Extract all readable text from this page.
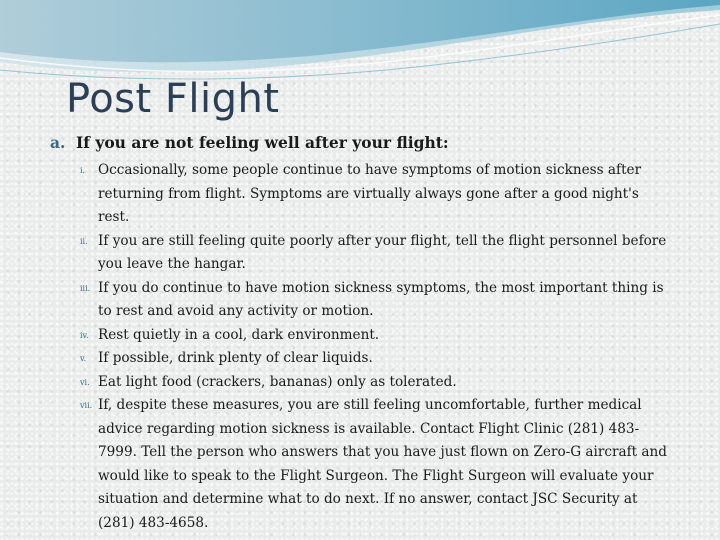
Post Flight
a. If you are not feeling well after your flight:
i. Occasionally, some people continue to have symptoms of motion sickness after returning from flight. Symptoms are virtually always gone after a good night's rest.
ii. If you are still feeling quite poorly after your flight, tell the flight personnel before you leave the hangar.
iii. If you do continue to have motion sickness symptoms, the most important thing is to rest and avoid any activity or motion.
iv. Rest quietly in a cool, dark environment.
v. If possible, drink plenty of clear liquids.
vi. Eat light food (crackers, bananas) only as tolerated.
vii. If, despite these measures, you are still feeling uncomfortable, further medical advice regarding motion sickness is available. Contact Flight Clinic (281) 483-7999. Tell the person who answers that you have just flown on Zero-G aircraft and would like to speak to the Flight Surgeon. The Flight Surgeon will evaluate your situation and determine what to do next. If no answer, contact JSC Security at (281) 483-4658.
